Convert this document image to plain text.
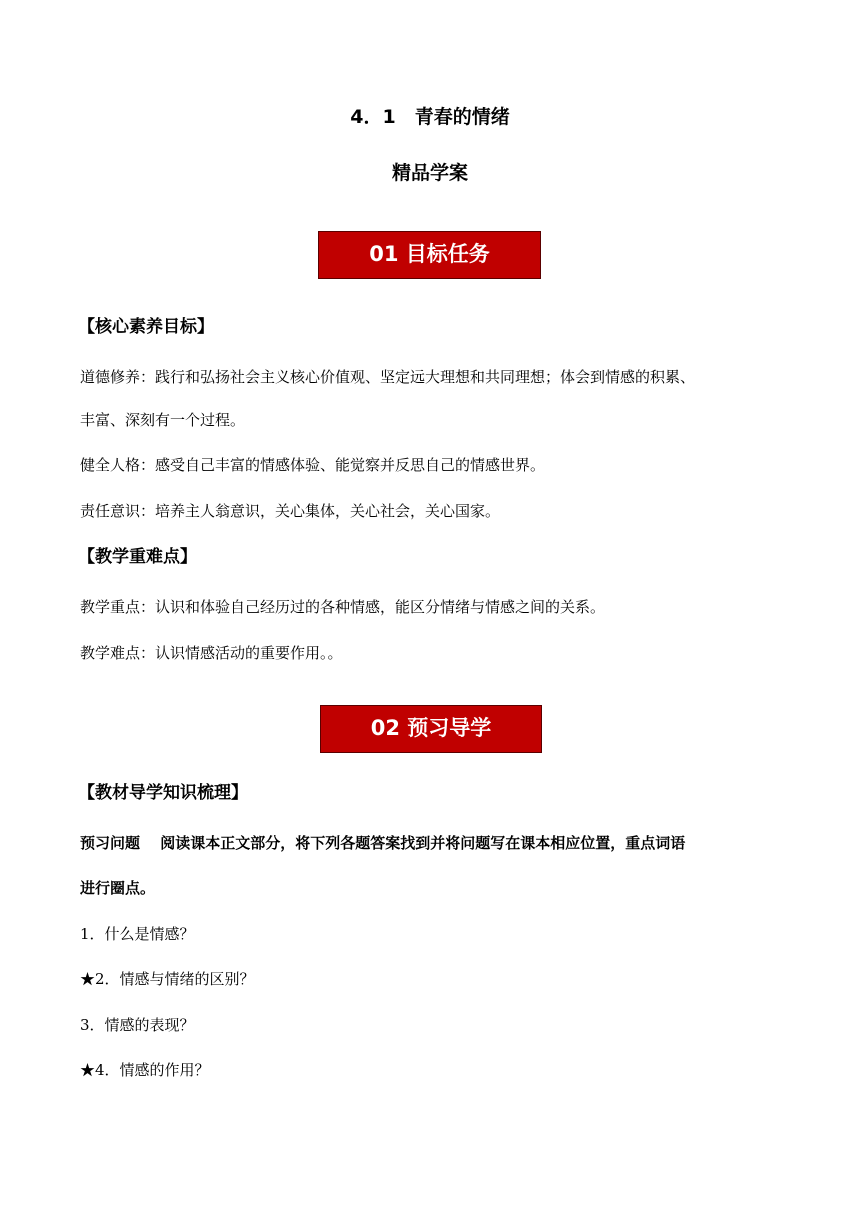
4．1　青春的情绪
精品学案
01 目标任务
【核心素养目标】
道德修养：践行和弘扬社会主义核心价值观、坚定远大理想和共同理想；体会到情感的积累、
丰富、深刻有一个过程。
健全人格：感受自己丰富的情感体验、能觉察并反思自己的情感世界。
责任意识：培养主人翁意识，关心集体，关心社会，关心国家。
【教学重难点】
教学重点：认识和体验自己经历过的各种情感，能区分情绪与情感之间的关系。
教学难点：认识情感活动的重要作用。。
02 预习导学
【教材导学知识梳理】
预习问题　 阅读课本正文部分，将下列各题答案找到并将问题写在课本相应位置，重点词语
进行圈点。
1．什么是情感？
★2．情感与情绪的区别？
3．情感的表现？
★4．情感的作用？
